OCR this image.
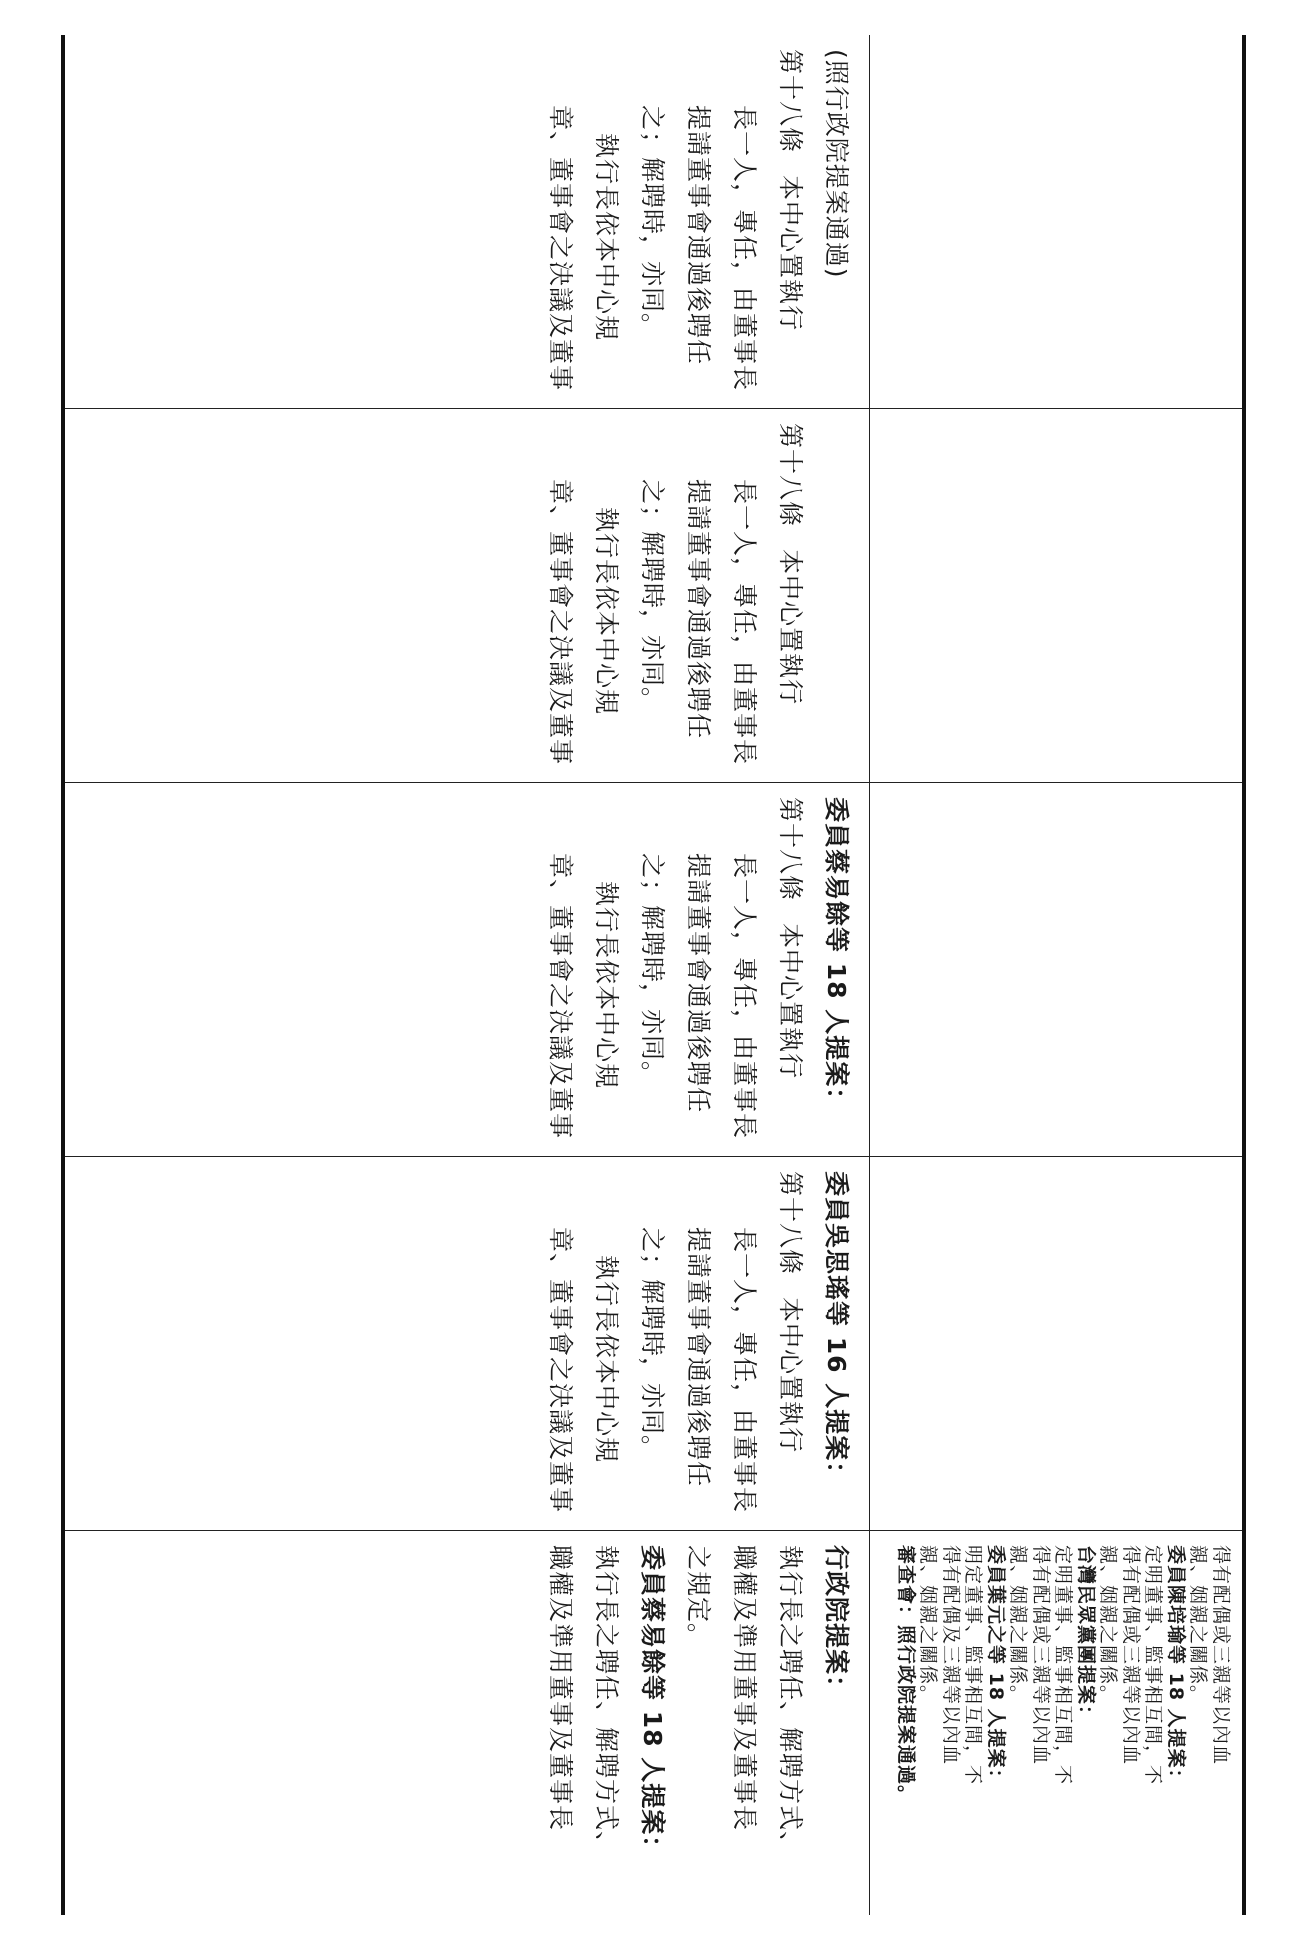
得有配偶或三親等以內血
親、姻親之關係。
委員陳培瑜等 18 人提案：
定明董事、監事相互間，不
得有配偶或三親等以內血
親、姻親之關係。
台灣民眾黨團提案：
定明董事、監事相互間，不
得有配偶或三親等以內血
親、姻親之關係。
委員葉元之等 18 人提案：
明定董事、監事相互間，不
得有配偶及三親等以內血
親、姻親之關係。
審查會：照行政院提案通過。
(照行政院提案通過)
第十八條本中心置執行
長一人，專任，由董事長
提請董事會通過後聘任
之；解聘時，亦同。
執行長依本中心規
章、董事會之決議及董事
第十八條本中心置執行
長一人，專任，由董事長
提請董事會通過後聘任
之；解聘時，亦同。
執行長依本中心規
章、董事會之決議及董事
委員蔡易餘等 18 人提案：
第十八條本中心置執行
長一人，專任，由董事長
提請董事會通過後聘任
之；解聘時，亦同。
執行長依本中心規
章、董事會之決議及董事
委員吳思瑤等 16 人提案：
第十八條本中心置執行
長一人，專任，由董事長
提請董事會通過後聘任
之；解聘時，亦同。
執行長依本中心規
章、董事會之決議及董事
行政院提案：
執行長之聘任、解聘方式、
職權及準用董事及董事長
之規定。
委員蔡易餘等 18 人提案：
執行長之聘任、解聘方式、
職權及準用董事及董事長
